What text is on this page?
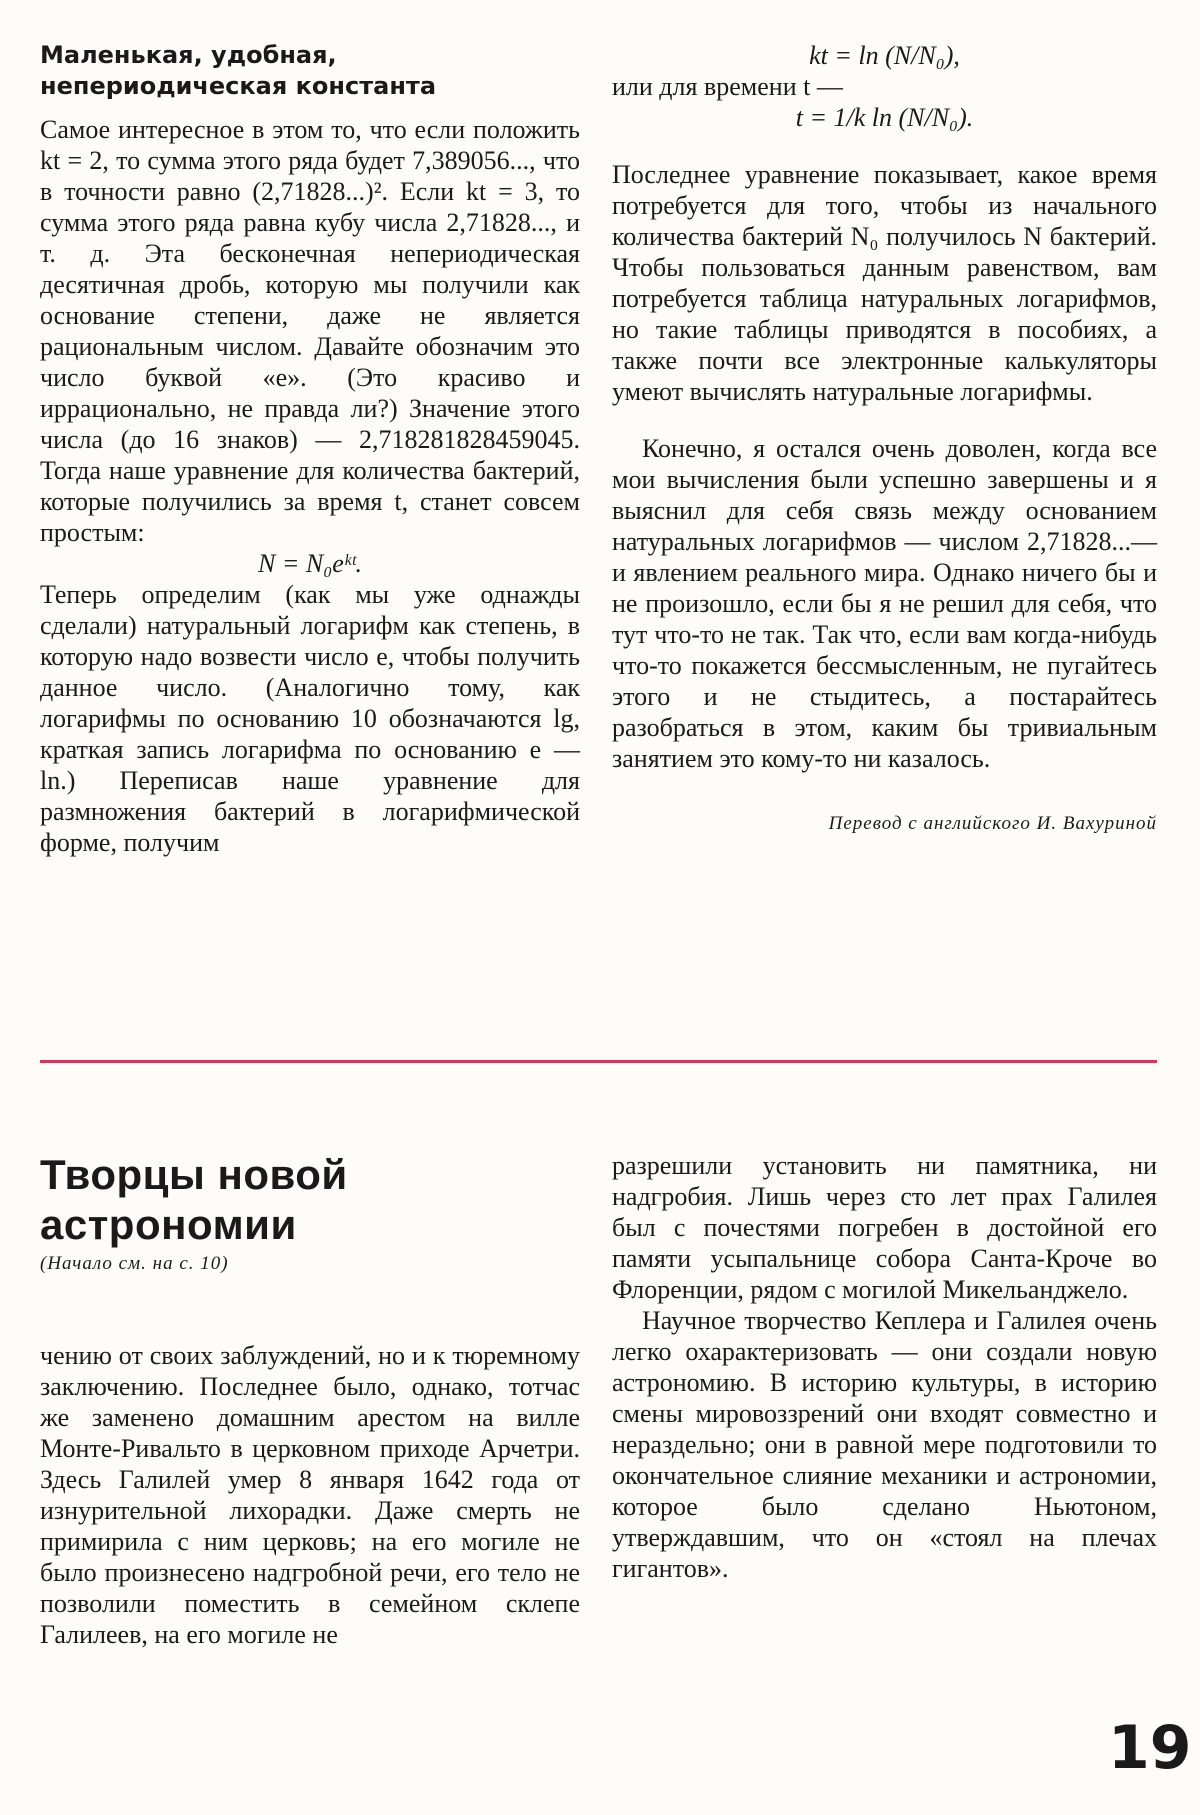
Маленькая, удобная, непериодическая константа

Самое интересное в этом то, что если положить kt = 2, то сумма этого ряда будет 7,389056..., что в точности равно (2,71828...)². Если kt = 3, то сумма этого ряда равна кубу числа 2,71828..., и т. д. Эта бесконечная непериодическая десятичная дробь, которую мы получили как основание степени, даже не является рациональным числом. Давайте обозначим это число буквой «e». (Это красиво и иррационально, не правда ли?) Значение этого числа (до 16 знаков) — 2,718281828459045. Тогда наше уравнение для количества бактерий, которые получились за время t, станет совсем простым:

N = N₀eᵏᵗ.

Теперь определим (как мы уже однажды сделали) натуральный логарифм как степень, в которую надо возвести число e, чтобы получить данное число. (Аналогично тому, как логарифмы по основанию 10 обозначаются lg, краткая запись логарифма по основанию e — ln.) Переписав наше уравнение для размножения бактерий в логарифмической форме, получим

kt = ln (N/N₀),

или для времени t —

t = 1/k ln (N/N₀).

Последнее уравнение показывает, какое время потребуется для того, чтобы из начального количества бактерий N₀ получилось N бактерий. Чтобы пользоваться данным равенством, вам потребуется таблица натуральных логарифмов, но такие таблицы приводятся в пособиях, а также почти все электронные калькуляторы умеют вычислять натуральные логарифмы.

Конечно, я остался очень доволен, когда все мои вычисления были успешно завершены и я выяснил для себя связь между основанием натуральных логарифмов — числом 2,71828...— и явлением реального мира. Однако ничего бы и не произошло, если бы я не решил для себя, что тут что-то не так. Так что, если вам когда-нибудь что-то покажется бессмысленным, не пугайтесь этого и не стыдитесь, а постарайтесь разобраться в этом, каким бы тривиальным занятием это кому-то ни казалось.

Перевод с английского И. Вахуриной

Творцы новой астрономии
(Начало см. на с. 10)

чению от своих заблуждений, но и к тюремному заключению. Последнее было, однако, тотчас же заменено домашним арестом на вилле Монте-Ривальто в церковном приходе Арчетри. Здесь Галилей умер 8 января 1642 года от изнурительной лихорадки. Даже смерть не примирила с ним церковь; на его могиле не было произнесено надгробной речи, его тело не позволили поместить в семейном склепе Галилеев, на его могиле не

разрешили установить ни памятника, ни надгробия. Лишь через сто лет прах Галилея был с почестями погребен в достойной его памяти усыпальнице собора Санта-Кроче во Флоренции, рядом с могилой Микельанджело.

Научное творчество Кеплера и Галилея очень легко охарактеризовать — они создали новую астрономию. В историю культуры, в историю смены мировоззрений они входят совместно и нераздельно; они в равной мере подготовили то окончательное слияние механики и астрономии, которое было сделано Ньютоном, утверждавшим, что он «стоял на плечах гигантов».

19
